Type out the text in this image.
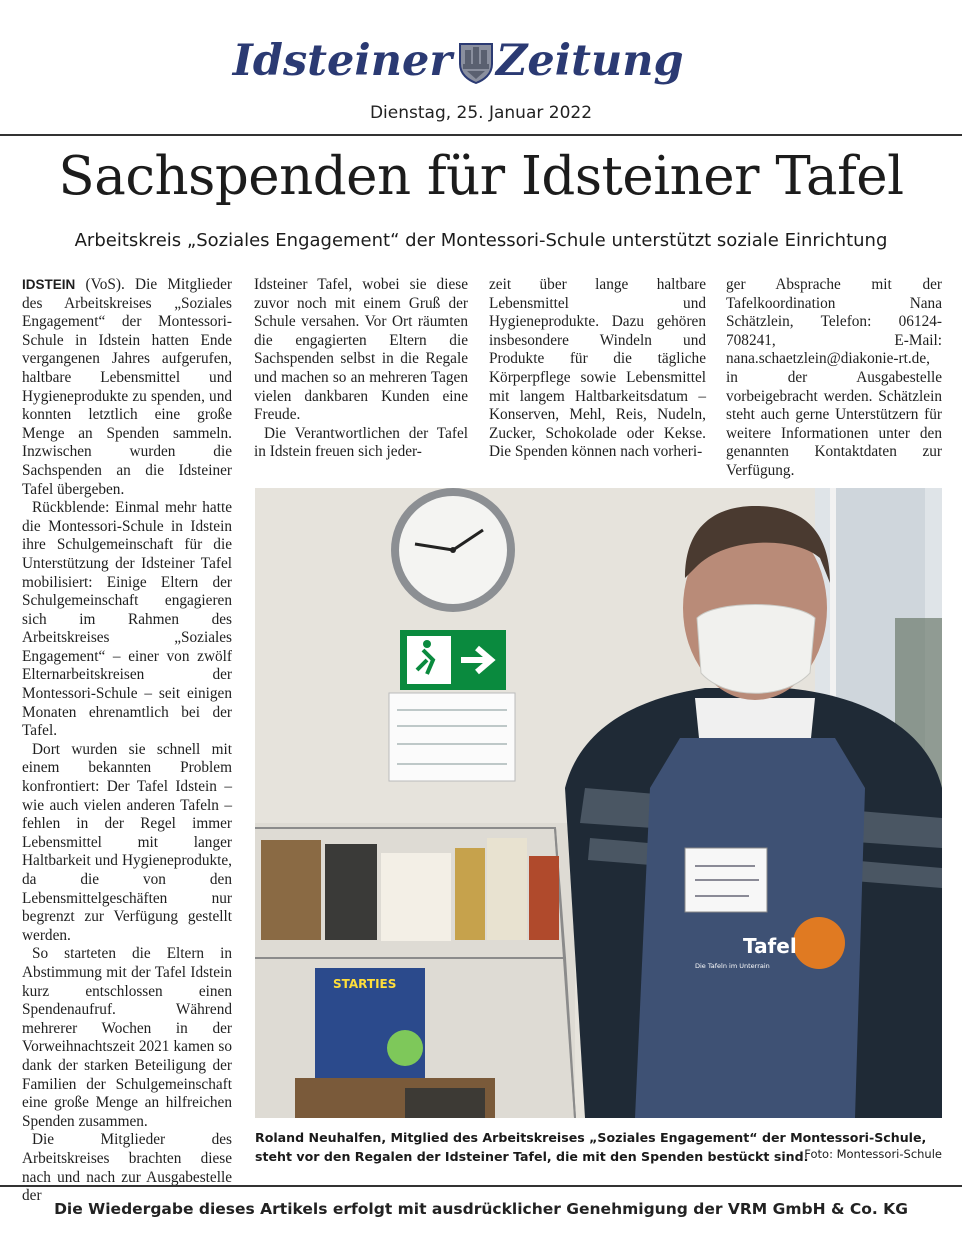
Idsteiner Zeitung
Dienstag, 25. Januar 2022
Sachspenden für Idsteiner Tafel
Arbeitskreis „Soziales Engagement“ der Montessori-Schule unterstützt soziale Einrichtung

IDSTEIN (VoS). Die Mitglieder des Arbeitskreises „Soziales Engagement“ der Montessori-Schule in Idstein hatten Ende vergangenen Jahres aufgerufen, haltbare Lebensmittel und Hygieneprodukte zu spenden, und konnten letztlich eine große Menge an Spenden sammeln. Inzwischen wurden die Sachspenden an die Idsteiner Tafel übergeben.

Rückblende: Einmal mehr hatte die Montessori-Schule in Idstein ihre Schulgemeinschaft für die Unterstützung der Idsteiner Tafel mobilisiert: Einige Eltern der Schulgemeinschaft engagieren sich im Rahmen des Arbeitskreises „Soziales Engagement“ – einer von zwölf Elternarbeitskreisen der Montessori-Schule – seit einigen Monaten ehrenamtlich bei der Tafel.

Dort wurden sie schnell mit einem bekannten Problem konfrontiert: Der Tafel Idstein – wie auch vielen anderen Tafeln – fehlen in der Regel immer Lebensmittel mit langer Haltbarkeit und Hygieneprodukte, da die von den Lebensmittelgeschäften nur begrenzt zur Verfügung gestellt werden.

So starteten die Eltern in Abstimmung mit der Tafel Idstein kurz entschlossen einen Spendenaufruf. Während mehrerer Wochen in der Vorweihnachtszeit 2021 kamen so dank der starken Beteiligung der Familien der Schulgemeinschaft eine große Menge an hilfreichen Spenden zusammen.

Die Mitglieder des Arbeitskreises brachten diese nach und nach zur Ausgabestelle der

Idsteiner Tafel, wobei sie diese zuvor noch mit einem Gruß der Schule versahen. Vor Ort räumten die engagierten Eltern die Sachspenden selbst in die Regale und machen so an mehreren Tagen vielen dankbaren Kunden eine Freude.

Die Verantwortlichen der Tafel in Idstein freuen sich jeder-

zeit über lange haltbare Lebensmittel und Hygieneprodukte. Dazu gehören insbesondere Windeln und Produkte für die tägliche Körperpflege sowie Lebensmittel mit langem Haltbarkeitsdatum – Konserven, Mehl, Reis, Nudeln, Zucker, Schokolade oder Kekse. Die Spenden können nach vorheri-

ger Absprache mit der Tafelkoordination Nana Schätzlein, Telefon: 06124-708241, E-Mail: nana.schaetzlein@diakonie-rt.de, in der Ausgabestelle vorbeigebracht werden. Schätzlein steht auch gerne Unterstützern für weitere Informationen unter den genannten Kontaktdaten zur Verfügung.

STARTIES
Tafel
Die Tafeln im Unterrain
Roland Neuhalfen, Mitglied des Arbeitskreises „Soziales Engagement“ der Montessori-Schule, steht vor den Regalen der Idsteiner Tafel, die mit den Spenden bestückt sind.
Foto: Montessori-Schule
Die Wiedergabe dieses Artikels erfolgt mit ausdrücklicher Genehmigung der VRM GmbH & Co. KG
